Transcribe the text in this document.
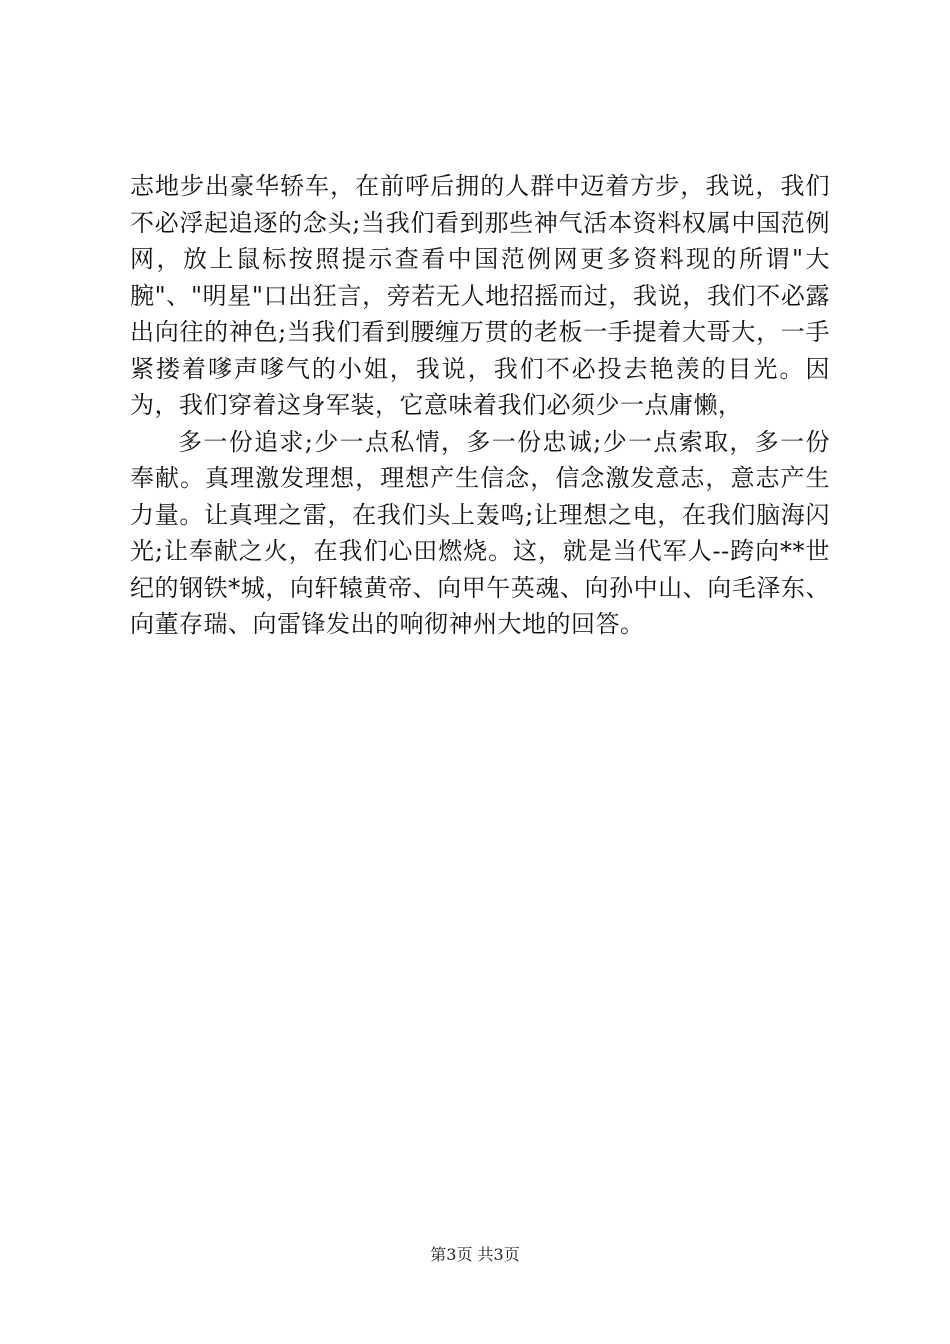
志地步出豪华轿车，在前呼后拥的人群中迈着方步，我说，我们不必浮起追逐的念头;当我们看到那些神气活本资料权属中国范例网，放上鼠标按照提示查看中国范例网更多资料现的所谓"大腕"、"明星"口出狂言，旁若无人地招摇而过，我说，我们不必露出向往的神色;当我们看到腰缠万贯的老板一手提着大哥大，一手紧搂着嗲声嗲气的小姐，我说，我们不必投去艳羡的目光。因为，我们穿着这身军装，它意味着我们必须少一点庸懒，

多一份追求;少一点私情，多一份忠诚;少一点索取，多一份奉献。真理激发理想，理想产生信念，信念激发意志，意志产生力量。让真理之雷，在我们头上轰鸣;让理想之电，在我们脑海闪光;让奉献之火，在我们心田燃烧。这，就是当代军人--跨向**世纪的钢铁*城，向轩辕黄帝、向甲午英魂、向孙中山、向毛泽东、向董存瑞、向雷锋发出的响彻神州大地的回答。

第3页 共3页
